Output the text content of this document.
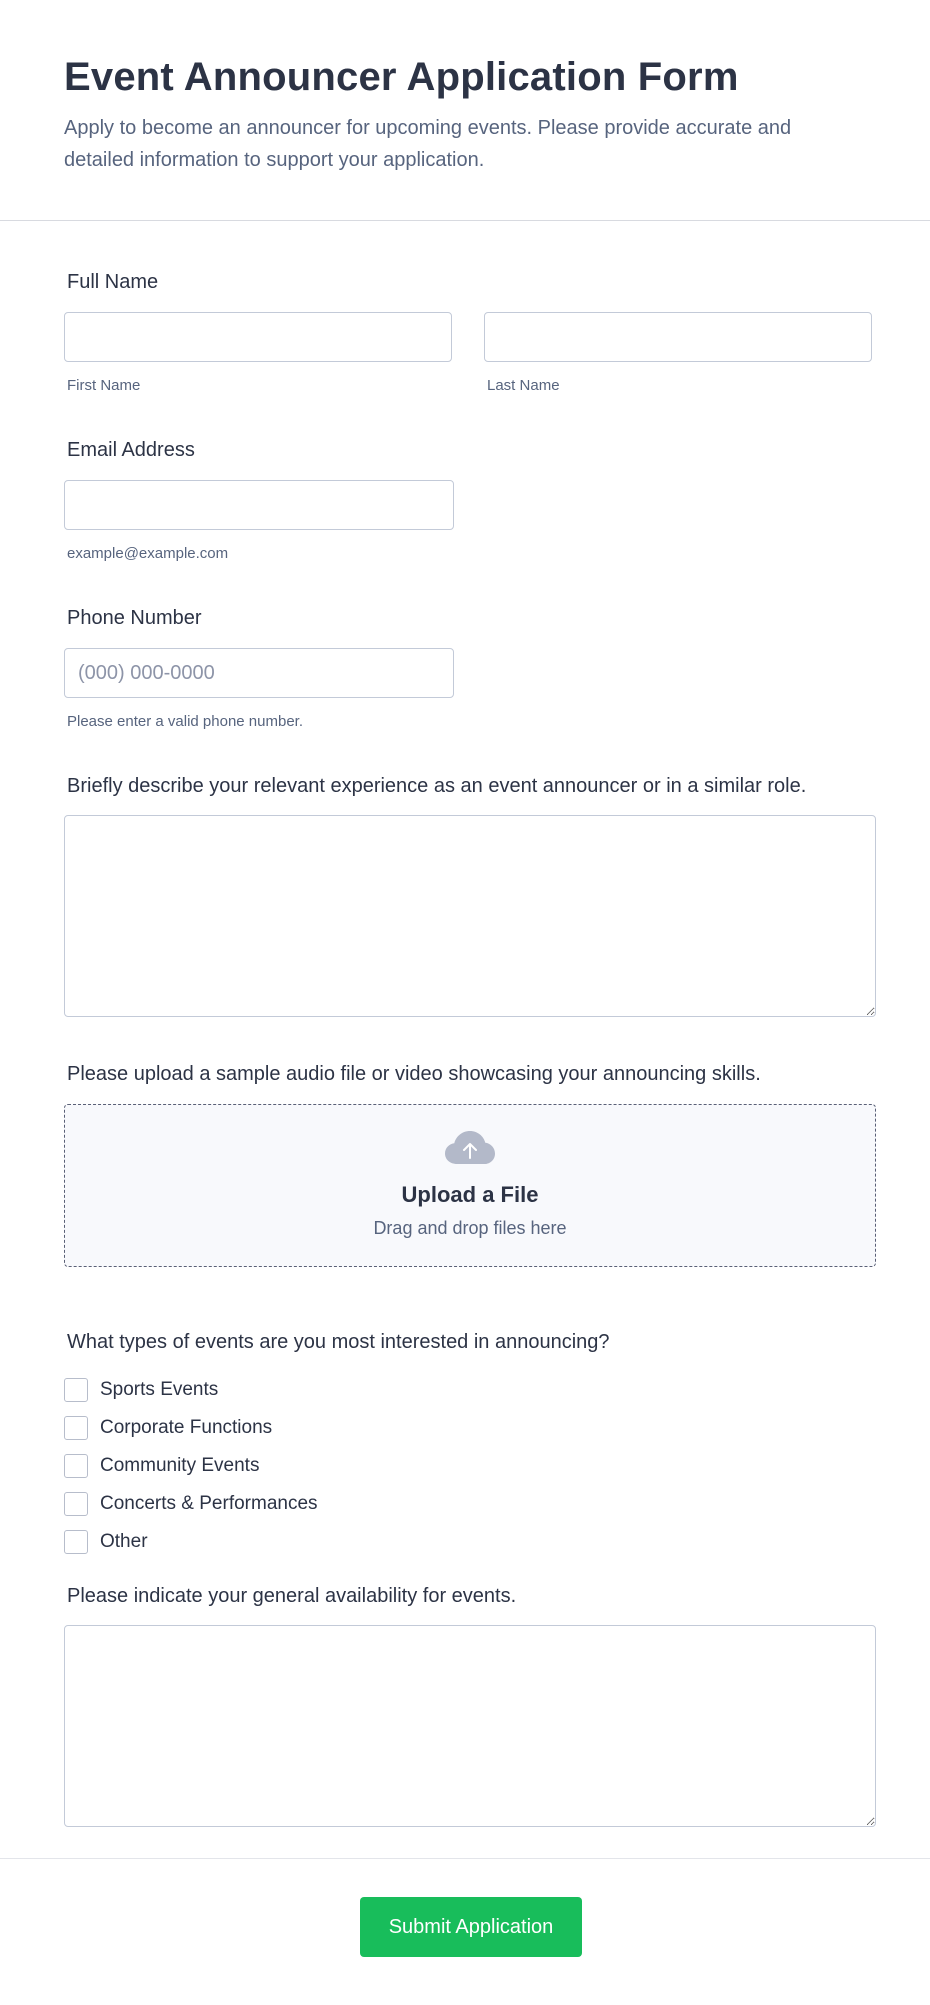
Event Announcer Application Form

Apply to become an announcer for upcoming events. Please provide accurate and detailed information to support your application.

Full Name
First Name	Last Name
Email Address
example@example.com
Phone Number
(000) 000-0000
Please enter a valid phone number.
Briefly describe your relevant experience as an event announcer or in a similar role.
Please upload a sample audio file or video showcasing your announcing skills.
Upload a File
Drag and drop files here
What types of events are you most interested in announcing?
Sports Events
Corporate Functions
Community Events
Concerts & Performances
Other
Please indicate your general availability for events.
Submit Application
